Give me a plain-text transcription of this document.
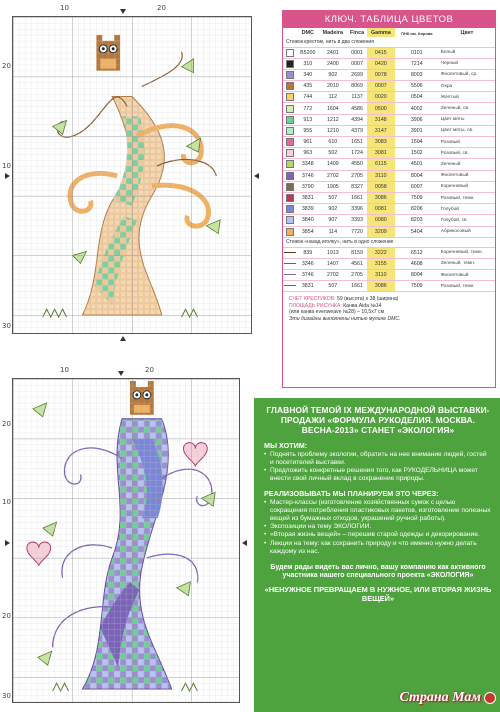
10	20
20
10
30
10	20
20
10
20
30
КЛЮЧ. ТАБЛИЦА ЦВЕТОВ
	DMC	Madeira	Finca	Gamma	ПНК им. Кирова	Цвет
Стежок крестом, нить в два сложения						
	B5200	2401	0001	0415	0101	Белый
	310	2400	0007	0420	7214	Черный
	340	902	2699	0078	8003	Фиолетовый, ср.
	435	2010	8069	0007	5506	Охра
	744	112	1137	0020	0504	Желтый
	772	1604	4586	0500	4002	Зеленый, св.
	913	1212	4394	3148	3906	Цвет мяты
	955	1210	4379	3147	3901	Цвет мяты, св.
	961	610	1651	3083	1504	Розовый
	963	502	1724	3081	1502	Розовый, св.
	3348	1409	4550	6115	4501	Зеленый
	3746	2702	2705	3110	8004	Фиолетовый
	3790	1905	8327	0058	6007	Коричневый
	3831	507	1661	3086	7509	Розовый, темн.
	3839	902	3396	0081	8206	Голубой
	3840	907	3393	0080	8203	Голубой, св.
	3854	114	7720	3209	5404	Абрикосовый
Стежок «назад иголку», нить в одно сложение						
	839	1913	8159	3222	6512	Коричневый, темн.
	3346	1407	4561	3155	4608	Зеленый, темн.
	3746	2702	2705	3110	8004	Фиолетовый
	3831	507	1661	3086	7509	Розовый, темн.
СЧЕТ КРЕСТИКОВ: 59 (высота) х 38 (ширина)
ПЛОЩАДЬ РИСУНКА: Канва Aida №14
(или канва evenweave №28) – 10,5х7 см
Эти дизайны выполнены нитью мулине DMC.
ГЛАВНОЙ ТЕМОЙ IX МЕЖДУНАРОДНОЙ ВЫСТАВКИ-ПРОДАЖИ «ФОРМУЛА РУКОДЕЛИЯ. МОСКВА. ВЕСНА-2013» СТАНЕТ «ЭКОЛОГИЯ»
МЫ ХОТИМ:
• Поднять проблему экологии, обратить на нее внимание людей, гостей и посетителей выставки.
• Предложить конкретные решения того, как РУКОДЕЛЬНИЦА может внести свой личный вклад в сохранение природы.
РЕАЛИЗОВЫВАТЬ МЫ ПЛАНИРУЕМ ЭТО ЧЕРЕЗ:
• Мастер-классы (изготовление хозяйственных сумок с целью сокращения потребления пластиковых пакетов, изготовление полезных вещей из бумажных отходов, украшений ручной работы).
• Экспозиции на тему ЭКОЛОГИИ.
• «Вторая жизнь вещей» – перешив старой одежды и декорирование.
• Лекции на тему: как сохранить природу и что именно нужно делать каждому из нас.
Будем рады видеть вас лично, вашу компанию как активного участника нашего специального проекта «ЭКОЛОГИЯ»
«НЕНУЖНОЕ ПРЕВРАЩАЕМ В НУЖНОЕ, ИЛИ ВТОРАЯ ЖИЗНЬ ВЕЩЕЙ»
Страна Мам
